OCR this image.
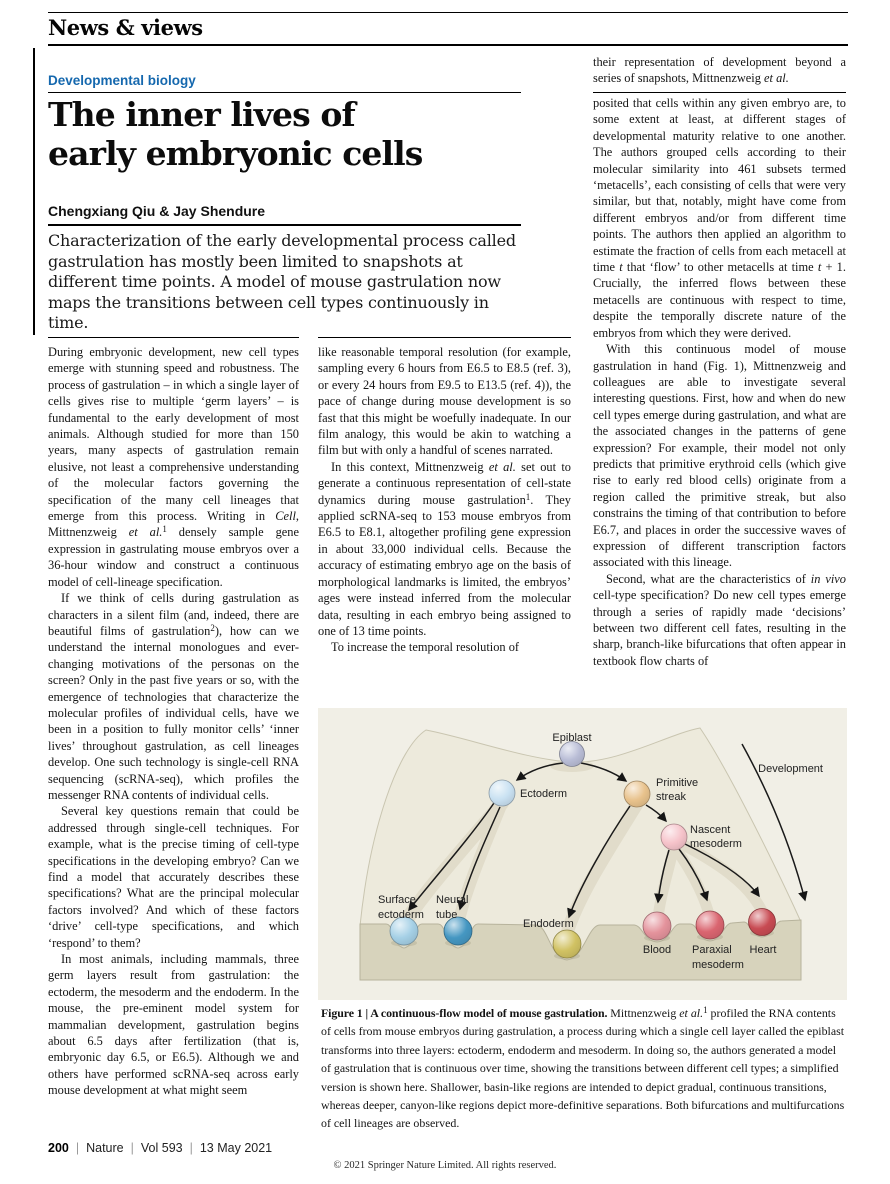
News & views
Developmental biology
The inner lives of
early embryonic cells
Chengxiang Qiu & Jay Shendure
Characterization of the early developmental process called gastrulation has mostly been limited to snapshots at different time points. A model of mouse gastrulation now maps the transitions between cell types continuously in time.

During embryonic development, new cell types emerge with stunning speed and robustness. The process of gastrulation – in which a single layer of cells gives rise to multiple ‘germ layers’ – is fundamental to the early development of most animals. Although studied for more than 150 years, many aspects of gastrulation remain elusive, not least a comprehensive understanding of the molecular factors governing the specification of the many cell lineages that emerge from this process. Writing in Cell, Mittnenzweig et al.$^1$ densely sample gene expression in gastrulating mouse embryos over a 36-hour window and construct a continuous model of cell-lineage specification.

If we think of cells during gastrulation as characters in a silent film (and, indeed, there are beautiful films of gastrulation$^2$), how can we understand the internal monologues and ever-changing motivations of the personas on the screen? Only in the past five years or so, with the emergence of technologies that characterize the molecular profiles of individual cells, have we been in a position to fully monitor cells’ ‘inner lives’ throughout gastrulation, as cell lineages develop. One such technology is single-cell RNA sequencing (scRNA-seq), which profiles the messenger RNA contents of individual cells.

Several key questions remain that could be addressed through single-cell techniques. For example, what is the precise timing of cell-type specifications in the developing embryo? Can we find a model that accurately describes these specifications? What are the principal molecular factors involved? And which of these factors ‘drive’ cell-type specifications, and which ‘respond’ to them?

In most animals, including mammals, three germ layers result from gastrulation: the ectoderm, the mesoderm and the endoderm. In the mouse, the pre-eminent model system for mammalian development, gastrulation begins about 6.5 days after fertilization (that is, embryonic day 6.5, or E6.5). Although we and others have performed scRNA-seq across early mouse development at what might seem

like reasonable temporal resolution (for example, sampling every 6 hours from E6.5 to E8.5 (ref. 3), or every 24 hours from E9.5 to E13.5 (ref. 4)), the pace of change during mouse development is so fast that this might be woefully inadequate. In our film analogy, this would be akin to watching a film but with only a handful of scenes narrated.

In this context, Mittnenzweig et al. set out to generate a continuous representation of cell-state dynamics during mouse gastrulation$^1$. They applied scRNA-seq to 153 mouse embryos from E6.5 to E8.1, altogether profiling gene expression in about 33,000 individual cells. Because the accuracy of estimating embryo age on the basis of morphological landmarks is limited, the embryos’ ages were instead inferred from the molecular data, resulting in each embryo being assigned to one of 13 time points.

To increase the temporal resolution of

their representation of development beyond a series of snapshots, Mittnenzweig et al.

posited that cells within any given embryo are, to some extent at least, at different stages of developmental maturity relative to one another. The authors grouped cells according to their molecular similarity into 461 subsets termed ‘metacells’, each consisting of cells that were very similar, but that, notably, might have come from different embryos and/or from different time points. The authors then applied an algorithm to estimate the fraction of cells from each metacell at time t that ‘flow’ to other metacells at time t + 1. Crucially, the inferred flows between these metacells are continuous with respect to time, despite the temporally discrete nature of the embryos from which they were derived.

With this continuous model of mouse gastrulation in hand (Fig. 1), Mittnenzweig and colleagues are able to investigate several interesting questions. First, how and when do new cell types emerge during gastrulation, and what are the associated changes in the patterns of gene expression? For example, their model not only predicts that primitive erythroid cells (which give rise to early red blood cells) originate from a region called the primitive streak, but also constrains the timing of that contribution to before E6.7, and places in order the successive waves of expression of different transcription factors associated with this lineage.

Second, what are the characteristics of in vivo cell-type specification? Do new cell types emerge through a series of rapidly made ‘decisions’ between two different cell fates, resulting in the sharp, branch-like bifurcations that often appear in textbook flow charts of

Epiblast
Ectoderm
Primitive streak
Nascent mesoderm
Development
Surface ectoderm
Neural tube
Endoderm
Blood Paraxial mesoderm
Heart
Figure 1 | A continuous-flow model of mouse gastrulation. Mittnenzweig et al.$^1$ profiled the RNA contents of cells from mouse embryos during gastrulation, a process during which a single cell layer called the epiblast transforms into three layers: ectoderm, endoderm and mesoderm. In doing so, the authors generated a model of gastrulation that is continuous over time, showing the transitions between different cell types; a simplified version is shown here. Shallower, basin-like regions are intended to depict gradual, continuous transitions, whereas deeper, canyon-like regions depict more-definitive separations. Both bifurcations and multifurcations of cell lineages are observed.
200 | Nature | Vol 593 | 13 May 2021
© 2021 Springer Nature Limited. All rights reserved.
